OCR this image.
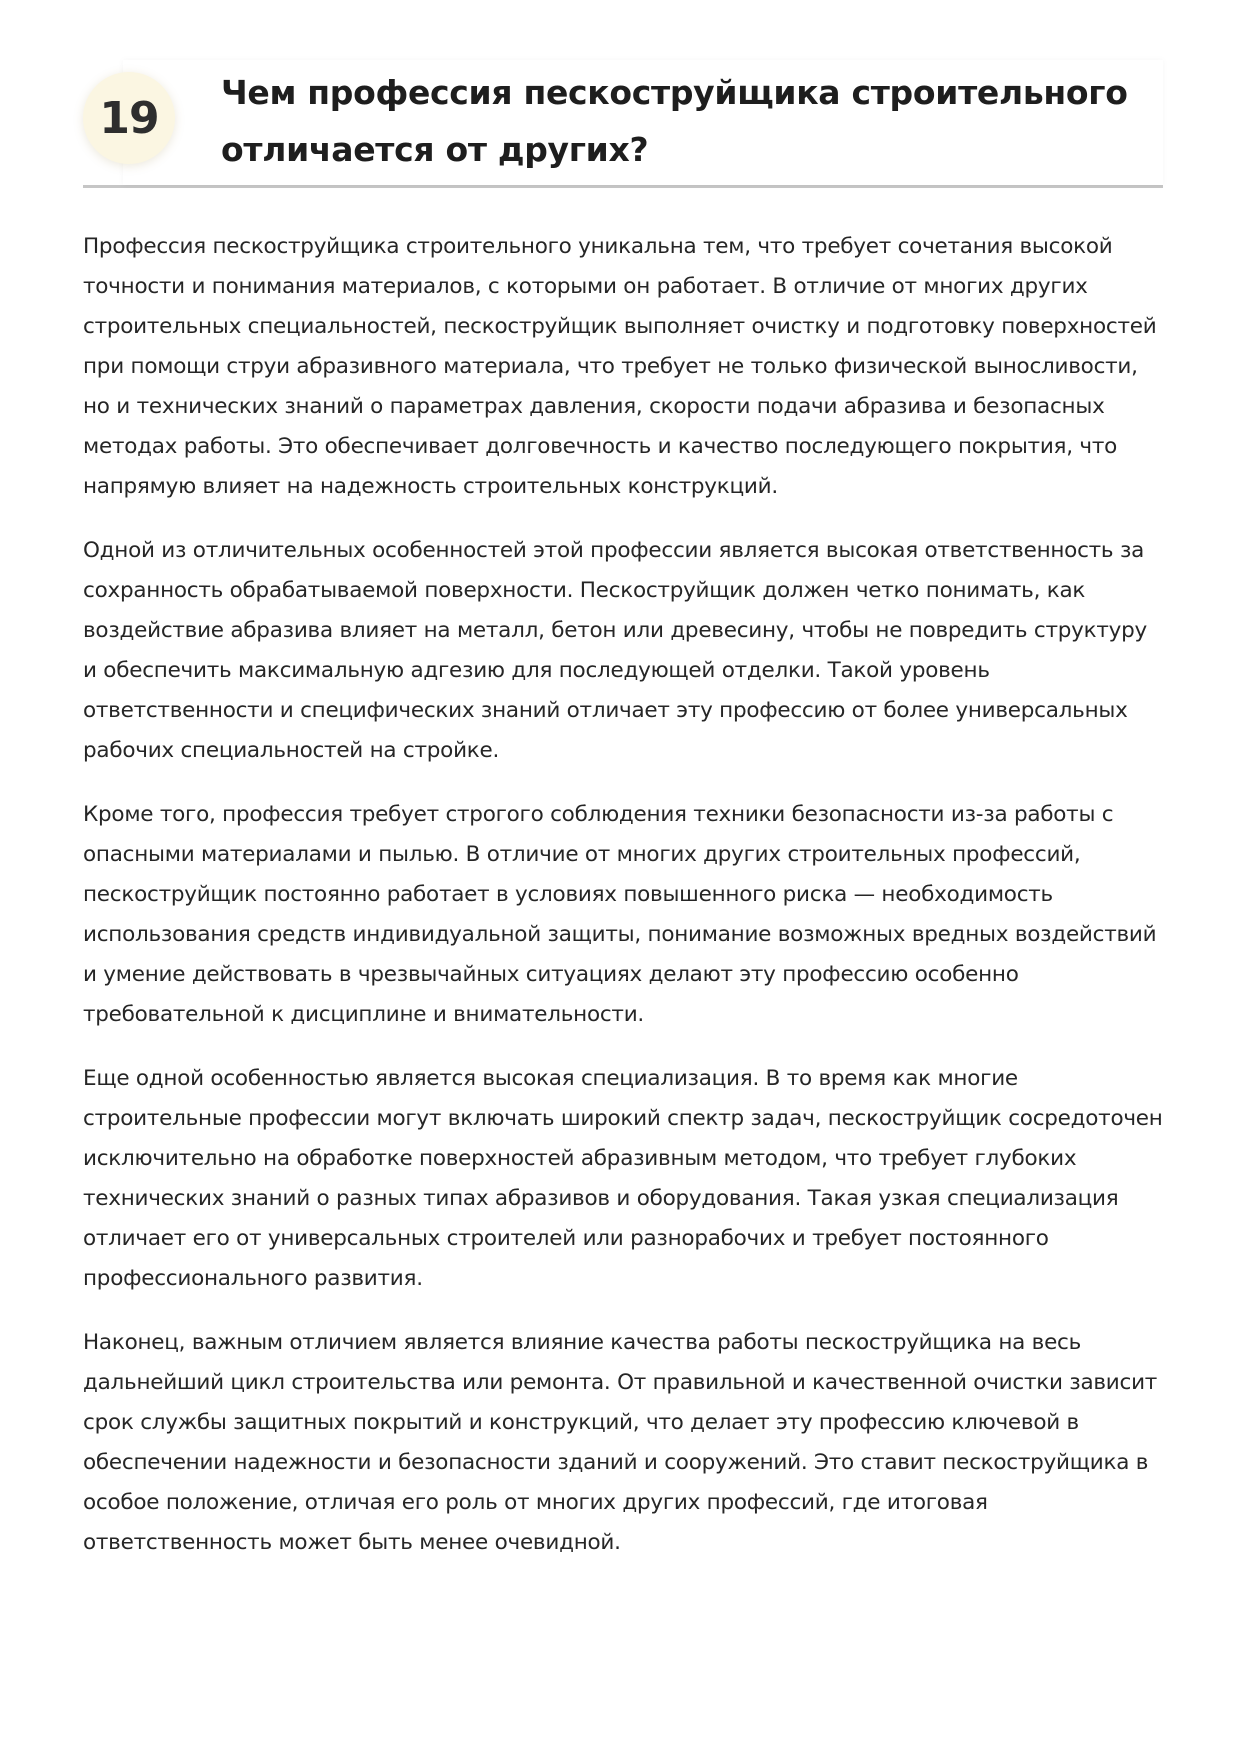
19	Чем профессия пескоструйщика строительного отличается от других?

Профессия пескоструйщика строительного уникальна тем, что требует сочетания высокой точности и понимания материалов, с которыми он работает. В отличие от многих других строительных специальностей, пескоструйщик выполняет очистку и подготовку поверхностей при помощи струи абразивного материала, что требует не только физической выносливости, но и технических знаний о параметрах давления, скорости подачи абразива и безопасных методах работы. Это обеспечивает долговечность и качество последующего покрытия, что напрямую влияет на надежность строительных конструкций.

Одной из отличительных особенностей этой профессии является высокая ответственность за сохранность обрабатываемой поверхности. Пескоструйщик должен четко понимать, как воздействие абразива влияет на металл, бетон или древесину, чтобы не повредить структуру и обеспечить максимальную адгезию для последующей отделки. Такой уровень ответственности и специфических знаний отличает эту профессию от более универсальных рабочих специальностей на стройке.

Кроме того, профессия требует строгого соблюдения техники безопасности из-за работы с опасными материалами и пылью. В отличие от многих других строительных профессий, пескоструйщик постоянно работает в условиях повышенного риска — необходимость использования средств индивидуальной защиты, понимание возможных вредных воздействий и умение действовать в чрезвычайных ситуациях делают эту профессию особенно требовательной к дисциплине и внимательности.

Еще одной особенностью является высокая специализация. В то время как многие строительные профессии могут включать широкий спектр задач, пескоструйщик сосредоточен исключительно на обработке поверхностей абразивным методом, что требует глубоких технических знаний о разных типах абразивов и оборудования. Такая узкая специализация отличает его от универсальных строителей или разнорабочих и требует постоянного профессионального развития.

Наконец, важным отличием является влияние качества работы пескоструйщика на весь дальнейший цикл строительства или ремонта. От правильной и качественной очистки зависит срок службы защитных покрытий и конструкций, что делает эту профессию ключевой в обеспечении надежности и безопасности зданий и сооружений. Это ставит пескоструйщика в особое положение, отличая его роль от многих других профессий, где итоговая ответственность может быть менее очевидной.
